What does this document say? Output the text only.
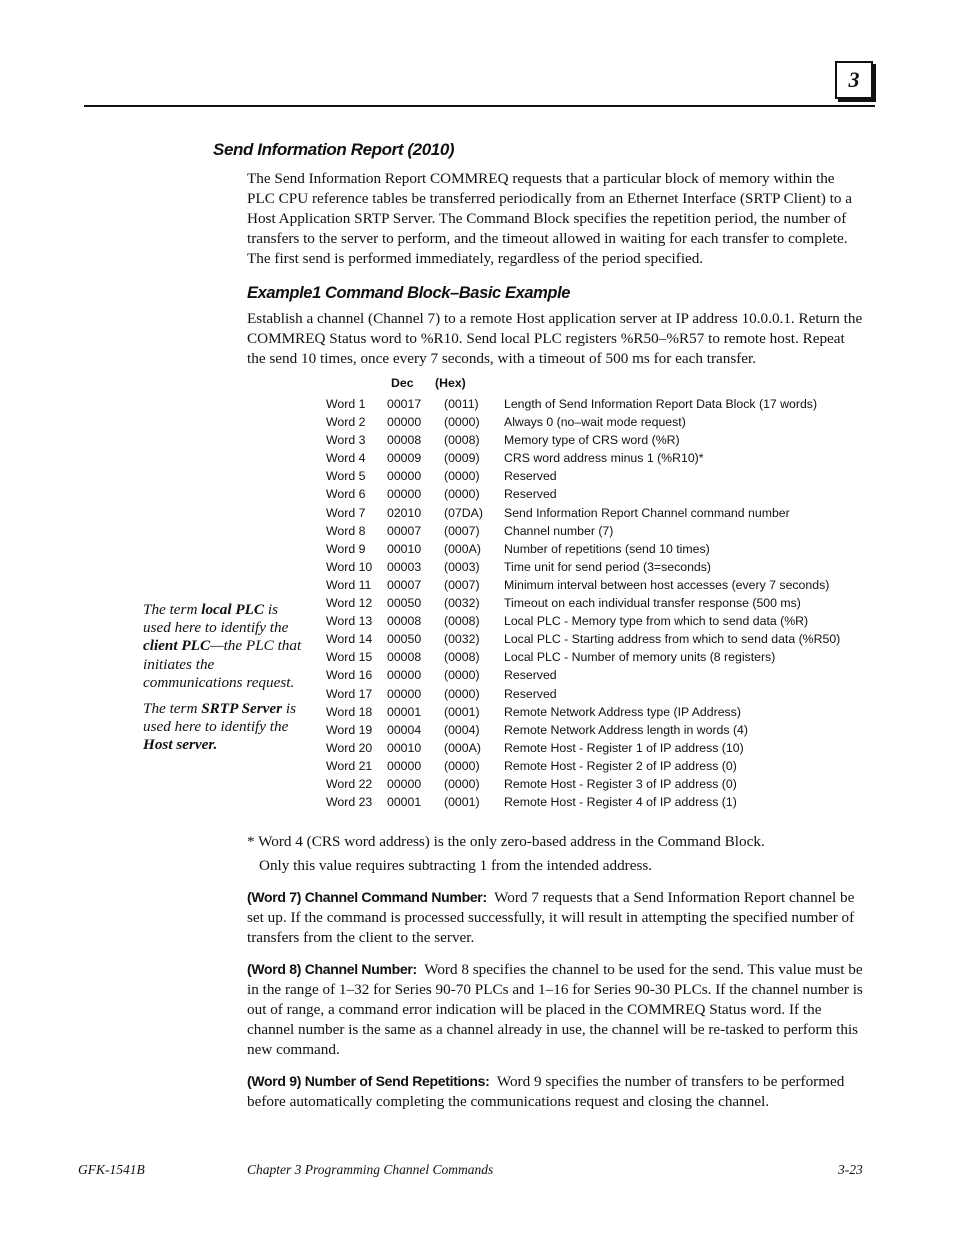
3
Send Information Report (2010)

The Send Information Report COMMREQ requests that a particular block of memory within the PLC CPU reference tables be transferred periodically from an Ethernet Interface (SRTP Client) to a Host Application SRTP Server. The Command Block specifies the repetition period, the number of transfers to the server to perform, and the timeout allowed in waiting for each transfer to complete. The first send is performed immediately, regardless of the period specified.

Example1 Command Block–Basic Example

Establish a channel (Channel 7) to a remote Host application server at IP address 10.0.0.1. Return the COMMREQ Status word to %R10. Send local PLC registers %R50–%R57 to remote host. Repeat the send 10 times, once every 7 seconds, with a timeout of 500 ms for each transfer.

Dec (Hex)
Word 1 00017 (0011) Length of Send Information Report Data Block (17 words)
Word 2 00000 (0000) Always 0 (no–wait mode request)
Word 3 00008 (0008) Memory type of CRS word (%R)
Word 4 00009 (0009) CRS word address minus 1 (%R10)*
Word 5 00000 (0000) Reserved
Word 6 00000 (0000) Reserved
Word 7 02010 (07DA) Send Information Report Channel command number
Word 8 00007 (0007) Channel number (7)
Word 9 00010 (000A) Number of repetitions (send 10 times)
Word 10 00003 (0003) Time unit for send period (3=seconds)
Word 11 00007 (0007) Minimum interval between host accesses (every 7 seconds)
Word 12 00050 (0032) Timeout on each individual transfer response (500 ms)
Word 13 00008 (0008) Local PLC - Memory type from which to send data (%R)
Word 14 00050 (0032) Local PLC - Starting address from which to send data (%R50)
Word 15 00008 (0008) Local PLC - Number of memory units (8 registers)
Word 16 00000 (0000) Reserved
Word 17 00000 (0000) Reserved
Word 18 00001 (0001) Remote Network Address type (IP Address)
Word 19 00004 (0004) Remote Network Address length in words (4)
Word 20 00010 (000A) Remote Host - Register 1 of IP address (10)
Word 21 00000 (0000) Remote Host - Register 2 of IP address (0)
Word 22 00000 (0000) Remote Host - Register 3 of IP address (0)
Word 23 00001 (0001) Remote Host - Register 4 of IP address (1)

The term local PLC is used here to identify the client PLC—the PLC that initiates the communications request.

The term SRTP Server is used here to identify the Host server.

* Word 4 (CRS word address) is the only zero-based address in the Command Block.
Only this value requires subtracting 1 from the intended address.

(Word 7) Channel Command Number: Word 7 requests that a Send Information Report channel be set up. If the command is processed successfully, it will result in attempting the specified number of transfers from the client to the server.

(Word 8) Channel Number: Word 8 specifies the channel to be used for the send. This value must be in the range of 1–32 for Series 90-70 PLCs and 1–16 for Series 90-30 PLCs. If the channel number is out of range, a command error indication will be placed in the COMMREQ Status word. If the channel number is the same as a channel already in use, the channel will be re-tasked to perform this new command.

(Word 9) Number of Send Repetitions: Word 9 specifies the number of transfers to be performed before automatically completing the communications request and closing the channel.

GFK-1541B	Chapter 3 Programming Channel Commands	3-23
